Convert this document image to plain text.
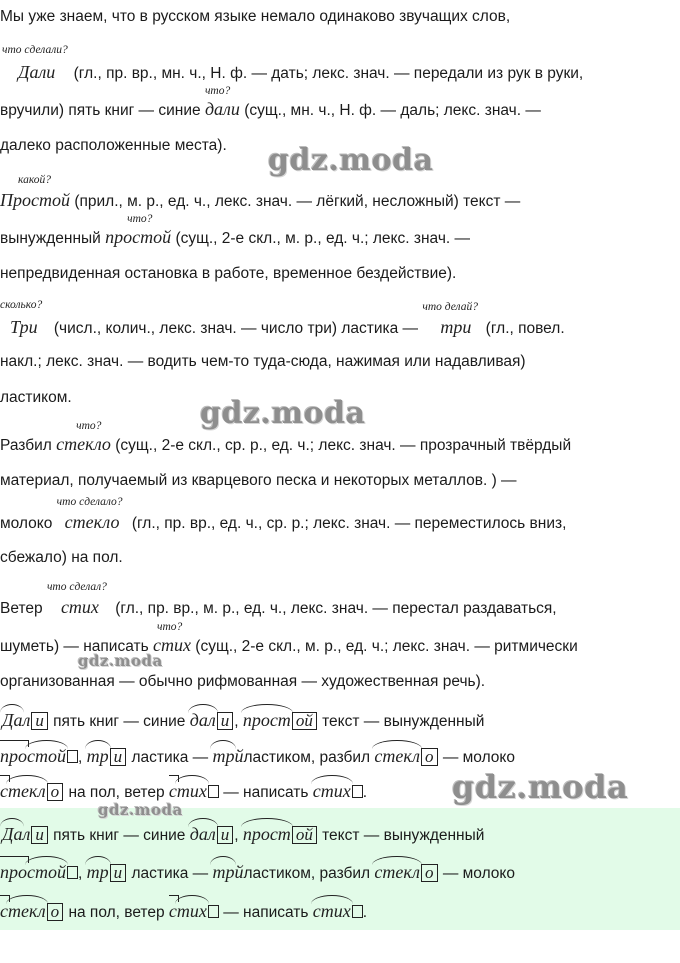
Мы уже знаем, что в русском языке немало одинаково звучащих слов,
что сделали?
Дали (гл., пр. вр., мн. ч., Н. ф. — дать; лекс. знач. — передали из рук в руки,
вручили) пять книг — синие
что?
дали (сущ., мн. ч., Н. ф. — даль; лекс. знач. —
далеко расположенные места). gdz.moda
какой?
Простой (прил., м. р., ед. ч., лекс. знач. — лёгкий, несложный) текст —
вынужденный
что?
простой (сущ., 2-е скл., м. р., ед. ч.; лекс. знач. —
непредвиденная остановка в работе, временное бездействие).
сколько?
Три (числ., колич., лекс. знач. — число три) ластика —
что делай?
три (гл., повел.
накл.; лекс. знач. — водить чем-то туда-сюда, нажимая или надавливая)
ластиком.	gdz.moda
Разбил
что?
стекло (сущ., 2-е скл., ср. р., ед. ч.; лекс. знач. — прозрачный твёрдый
материал, получаемый из кварцевого песка и некоторых металлов. ) —
молоко
что сделало?
стекло (гл., пр. вр., ед. ч., ср. р.; лекс. знач. — переместилось вниз,
сбежало) на пол.
Ветер
что сделал?
стих (гл., пр. вр., м. р., ед. ч., лекс. знач. — перестал раздаваться,
шуметь) — написать
что?
стих (сущ., 2-е скл., м. р., ед. ч.; лекс. знач. — ритмически
gdz.moda
организованная — обычно рифмованная — художественная речь).
Дал и пять книг — синие дал и , прост ой текст — вынужденный
простой , тр и ластика — трйластиком, разбил стекл о — молоко
стекл о на пол, ветер стих — написать стих .	gdz.moda
gdz.moda
Дал и пять книг — синие дал и , прост ой текст — вынужденный
простой , тр и ластика — трйластиком, разбил стекл о — молоко
стекл о на пол, ветер стих — написать стих .
